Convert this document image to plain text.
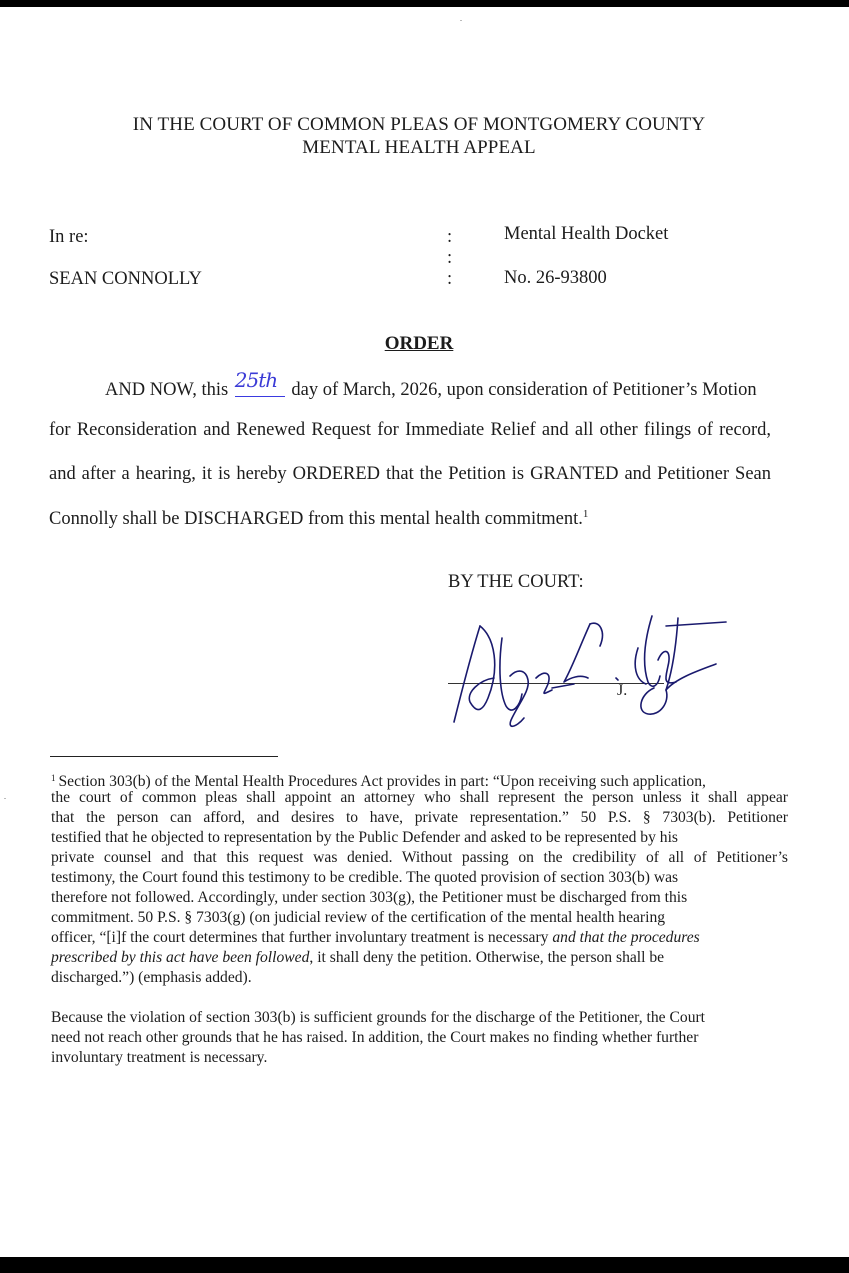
IN THE COURT OF COMMON PLEAS OF MONTGOMERY COUNTY
MENTAL HEALTH APPEAL
In re:
SEAN CONNOLLY
:
:
:
Mental Health Docket
No. 26-93800
ORDER
AND NOW, this 25th day of March, 2026, upon consideration of Petitioner’s Motion
for Reconsideration and Renewed Request for Immediate Relief and all other filings of record,
and after a hearing, it is hereby ORDERED that the Petition is GRANTED and Petitioner Sean
Connolly shall be DISCHARGED from this mental health commitment.$^1$
BY THE COURT:
J.
$^1$ Section 303(b) of the Mental Health Procedures Act provides in part: “Upon receiving such application,
the court of common pleas shall appoint an attorney who shall represent the person unless it shall appear
that the person can afford, and desires to have, private representation.” 50 P.S. § 7303(b). Petitioner
testified that he objected to representation by the Public Defender and asked to be represented by his
private counsel and that this request was denied. Without passing on the credibility of all of Petitioner’s
testimony, the Court found this testimony to be credible. The quoted provision of section 303(b) was
therefore not followed. Accordingly, under section 303(g), the Petitioner must be discharged from this
commitment. 50 P.S. § 7303(g) (on judicial review of the certification of the mental health hearing
officer, “[i]f the court determines that further involuntary treatment is necessary and that the procedures
prescribed by this act have been followed, it shall deny the petition. Otherwise, the person shall be
discharged.”) (emphasis added).
Because the violation of section 303(b) is sufficient grounds for the discharge of the Petitioner, the Court
need not reach other grounds that he has raised. In addition, the Court makes no finding whether further
involuntary treatment is necessary.
